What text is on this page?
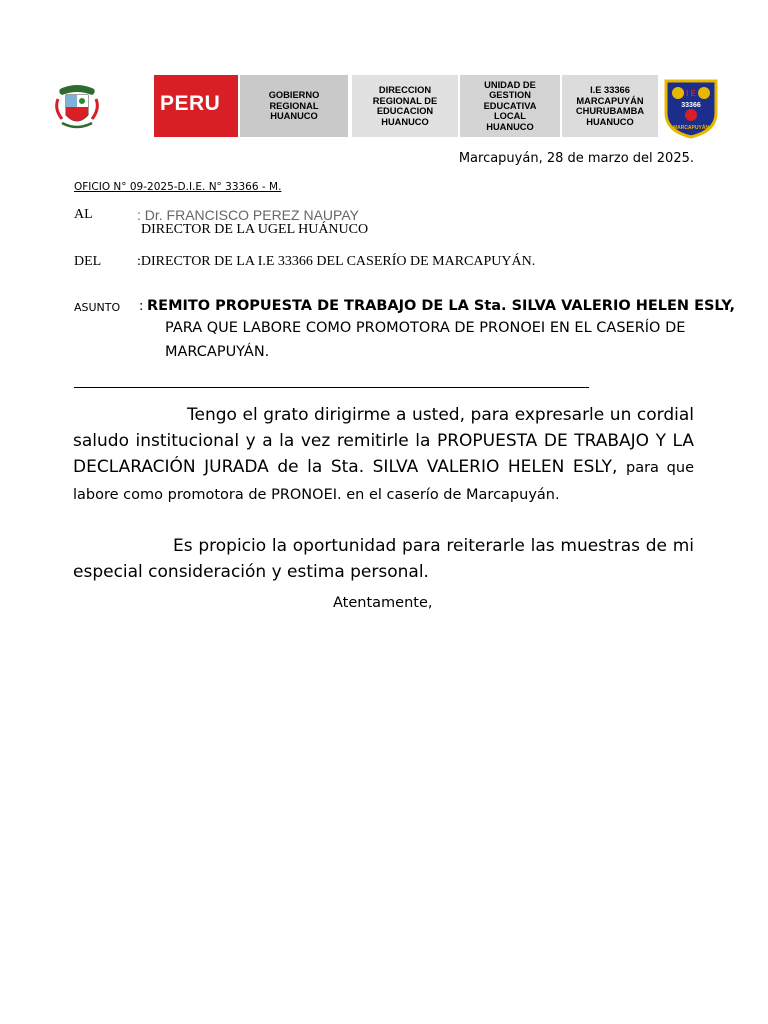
PERU	GOBIERNO
REGIONAL
HUANUCO
DIRECCION
REGIONAL DE
EDUCACION
HUANUCO
UNIDAD DE
GESTION
EDUCATIVA
LOCAL
HUANUCO
I.E 33366
MARCAPUYÁN
CHURUBAMBA
HUANUCO
I E
33366
MARCAPUYÁN
Marcapuyán, 28 de marzo del 2025.
OFICIO N° 09-2025-D.I.E. N° 33366 - M.
AL	: Dr. FRANCISCO PEREZ NAUPAY
DIRECTOR DE LA UGEL HUÁNUCO
DEL	:DIRECTOR DE LA I.E 33366 DEL CASERÍO DE MARCAPUYÁN.
ASUNTO : REMITO PROPUESTA DE TRABAJO DE LA Sta. SILVA VALERIO HELEN ESLY,
PARA QUE LABORE COMO PROMOTORA DE PRONOEI EN EL CASERÍO DE
MARCAPUYÁN.
Tengo el grato dirigirme a usted, para expresarle un cordial saludo institucional y a la vez remitirle la PROPUESTA DE TRABAJO Y LA DECLARACIÓN JURADA de la Sta. SILVA VALERIO HELEN ESLY, para que labore como promotora de PRONOEI. en el caserío de Marcapuyán.
Es propicio la oportunidad para reiterarle las muestras de mi especial consideración y estima personal.
Atentamente,
